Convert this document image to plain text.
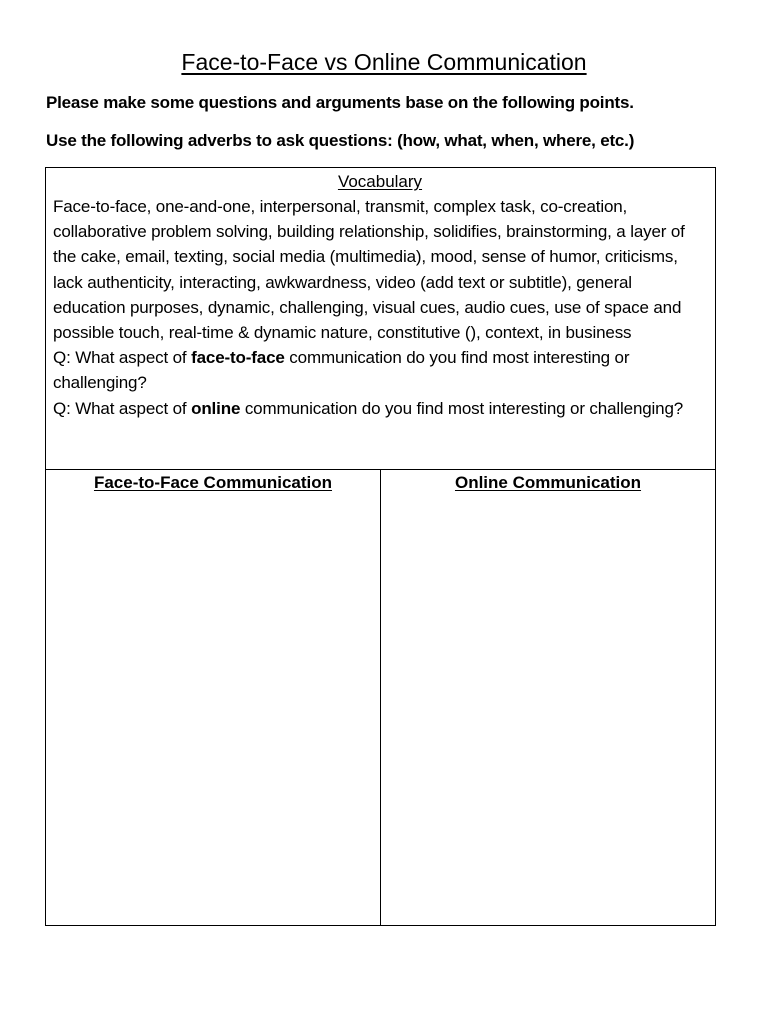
Face-to-Face vs Online Communication
Please make some questions and arguments base on the following points.
Use the following adverbs to ask questions: (how, what, when, where, etc.)
Vocabulary
Face-to-face, one-and-one, interpersonal, transmit, complex task, co-creation, collaborative problem solving, building relationship, solidifies, brainstorming, a layer of the cake, email, texting, social media (multimedia), mood, sense of humor, criticisms, lack authenticity, interacting, awkwardness, video (add text or subtitle), general education purposes, dynamic, challenging, visual cues, audio cues, use of space and possible touch, real-time & dynamic nature, constitutive (), context, in business
Q: What aspect of face-to-face communication do you find most interesting or challenging?
Q: What aspect of online communication do you find most interesting or challenging?
Face-to-Face Communication	Online Communication
